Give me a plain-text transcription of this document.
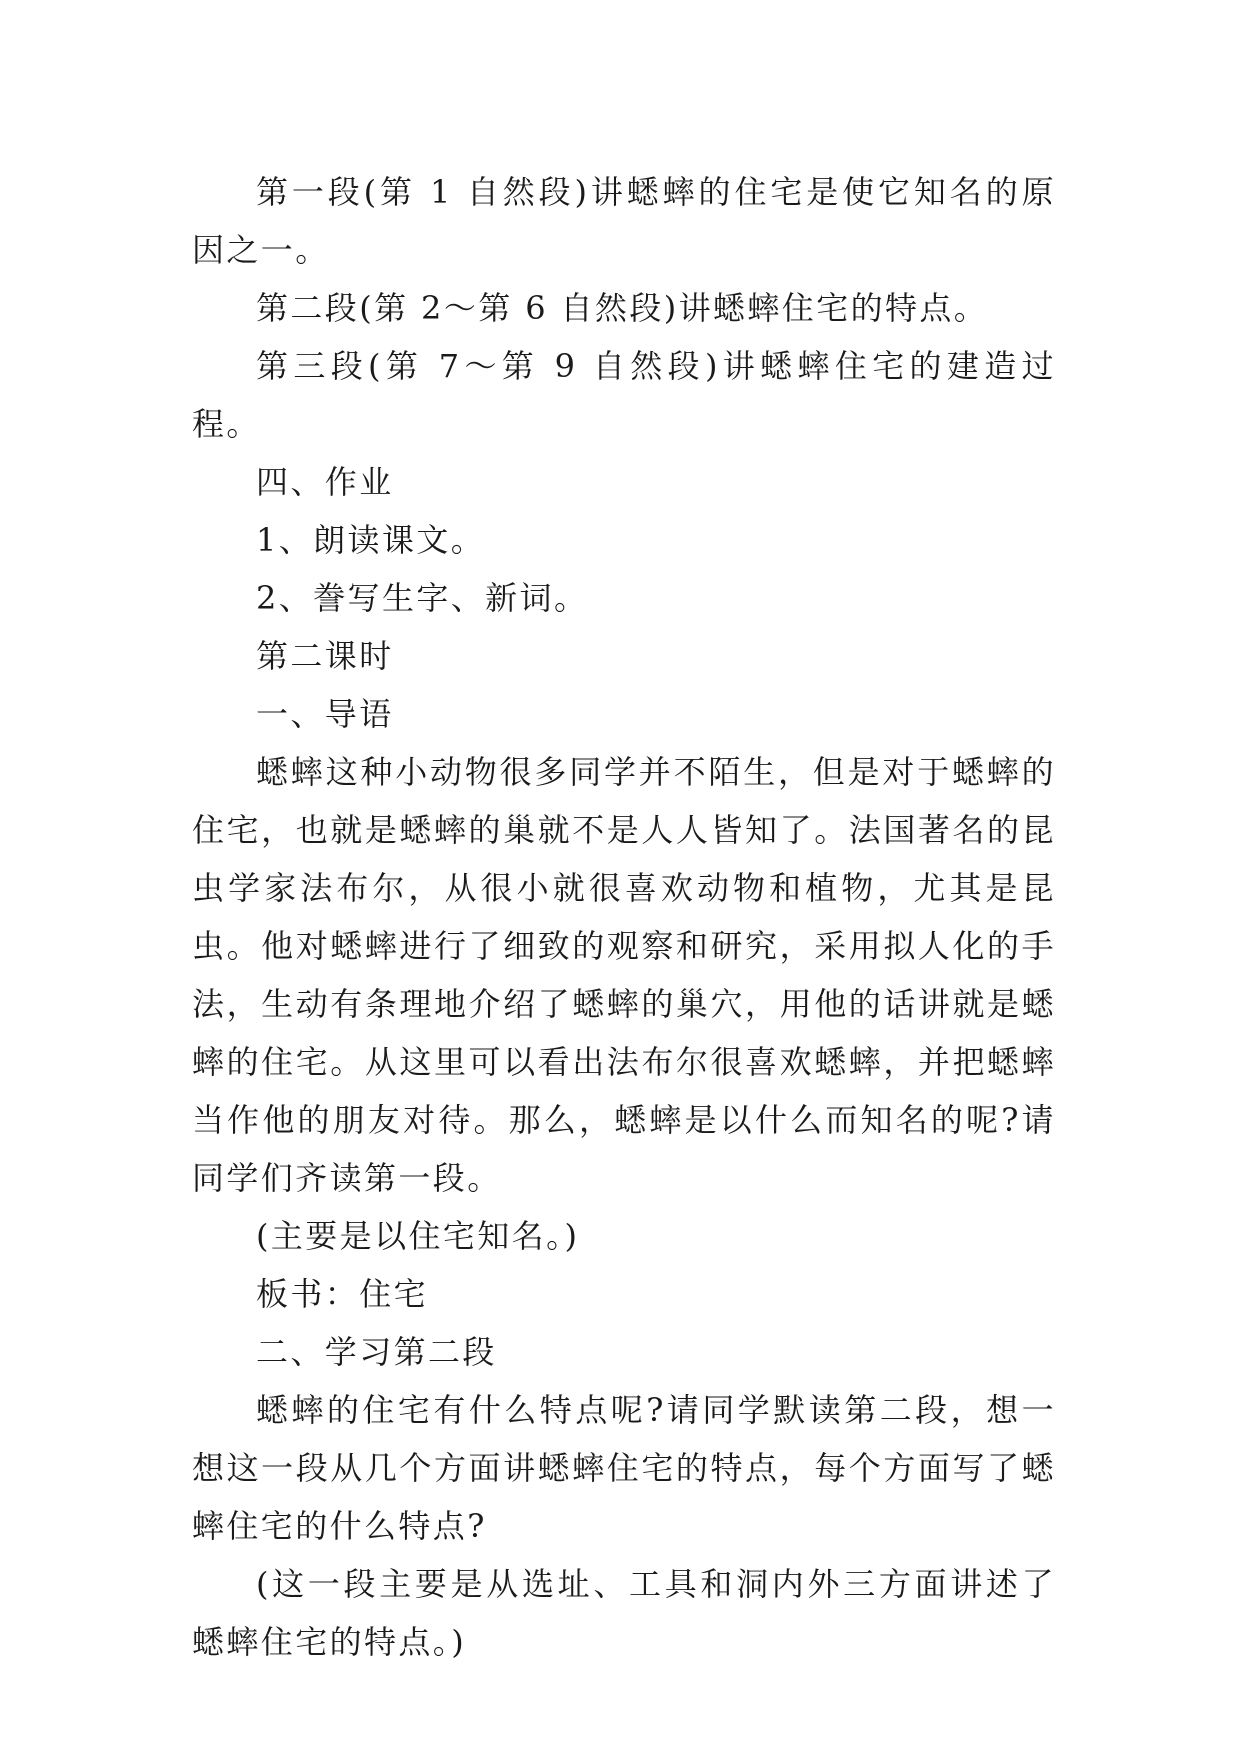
第一段(第 1 自然段)讲蟋蟀的住宅是使它知名的原因之一。

第二段(第 2～第 6 自然段)讲蟋蟀住宅的特点。

第三段(第 7～第 9 自然段)讲蟋蟀住宅的建造过程。

四、作业

1、朗读课文。

2、誊写生字、新词。

第二课时

一、导语

蟋蟀这种小动物很多同学并不陌生，但是对于蟋蟀的住宅，也就是蟋蟀的巢就不是人人皆知了。法国著名的昆虫学家法布尔，从很小就很喜欢动物和植物，尤其是昆虫。他对蟋蟀进行了细致的观察和研究，采用拟人化的手法，生动有条理地介绍了蟋蟀的巢穴，用他的话讲就是蟋蟀的住宅。从这里可以看出法布尔很喜欢蟋蟀，并把蟋蟀当作他的朋友对待。那么，蟋蟀是以什么而知名的呢?请同学们齐读第一段。

(主要是以住宅知名。)

板书：住宅

二、学习第二段

蟋蟀的住宅有什么特点呢?请同学默读第二段，想一想这一段从几个方面讲蟋蟀住宅的特点，每个方面写了蟋蟀住宅的什么特点?

(这一段主要是从选址、工具和洞内外三方面讲述了蟋蟀住宅的特点。)
